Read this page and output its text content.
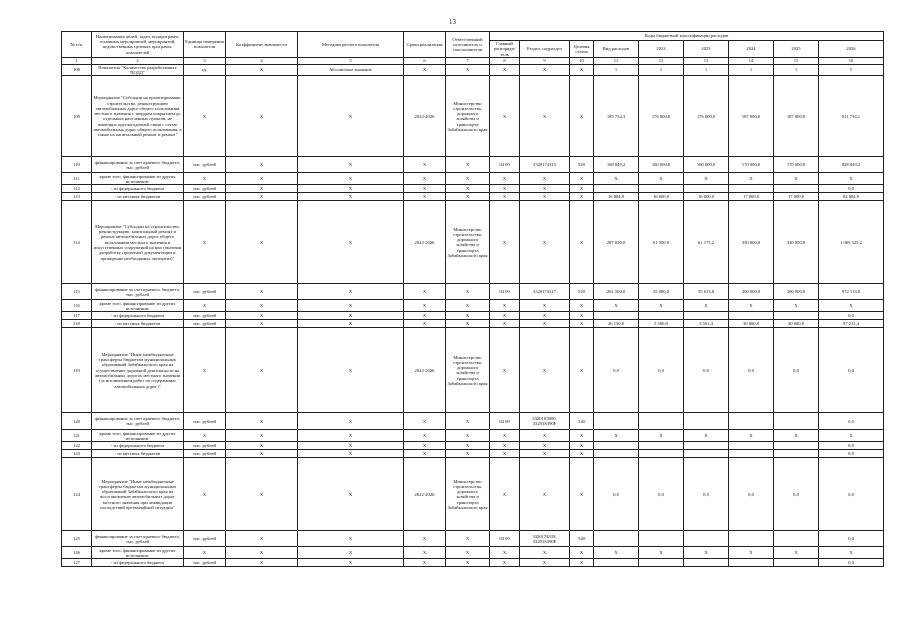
13
№ п/п	Наименования целей, задач, подпрограмм, основных мероприятий, мероприятий, ведомственных целевых программ, показателей	Единица измерения показателя	Коэффициент значимости	Методика расчета показателя	Сроки реализации	Ответственный исполнитель и соисполнители	Коды бюджетной классификации расходов									
							Главный распорядитель	Раздел, подраздел	Целевая статья	Вид расходов	2022	2023	2024	2025	2026	
1	2	3	4	5	6	7	8	9	10	11	12	13	14	15	16	
108	Показатель "Количество разработанных ПОДД"	ед.	X	Абсолютное значение	X	X	X	X	X	1	1	1	1	1	5	
109	Мероприятие "Субсидии на проектирование, строительство, реконструкцию автомобильных дорог общего пользования местного значения с твердым покрытием до отдельных населенных пунктов, не имеющих круглогодичной связи с сетью автомобильных дорог общего пользования, а также их капитальный ремонт и ремонт"	X	X	X	2022-2026	Министерство строительства, дорожного хозяйства и транспорта Забайкальского края	X	X	X	185 734,3	176 000,0	176 000,0	187 000,0	187 000,0	911 734,1	
110	финансирование за счет краевого бюджета, тыс. рублей	тыс. рублей	X	X	X	X	04 09	3320174315	520	168 849,2	160 000,0	160 000,0	170 000,0	170 000,0	828 849,2	
111	кроме того, финансирование из других источников:	X	X	X	X	X	X	X	X	X	X	X	X	X	X	
112	- из федерального бюджета	тыс. рублей	X	X	X	X	X	X	X						0,0	
113	- из местных бюджетов	тыс. рублей	X	X	X	X	X	X	X	16 884,9	16 000,0	16 000,0	17 000,0	17 000,0	82 884,9	
114	Мероприятие "Субсидии на строительство, реконструкцию, капитальный ремонт и ремонт автомобильных дорог общего пользования местного значения и искусственных сооружений на них (включая разработку проектной документации и проведение необходимых экспертиз)"	X	X	X	2022-2026	Министерство строительства, дорожного хозяйства и транспорта Забайкальского края	X	X	X	287 650,0	61 500,0	61 175,2	330 000,0	330 000,0	1 069 325,2	
115	финансирование за счет краевого бюджета, тыс. рублей	тыс. рублей	X	X	X	X	04 09	3320174317	520	261 500,0	55 000,0	55 613,8	300 000,0	300 000,0	972 113,8	
116	кроме того, финансирование из других источников:	X	X	X	X	X	X	X	X	X	X	X	X	X	X	
117	- из федерального бюджета	тыс. рублей	X	X	X	X	X	X	X						0,0	
118	- из местных бюджетов	тыс. рублей	X	X	X	X	X	X	X	26 150,0	5 500,0	5 561,4	30 000,0	30 000,0	97 211,4	
119	Мероприятие "Иные межбюджетные трансферты бюджетам муниципальных образований Забайкальского края на осуществление дорожной деятельности на автомобильных дорогах местного значения (за исключением работ по содержанию автомобильных дорог)"	X	X	X	2022-2026	Министерство строительства, дорожного хозяйства и транспорта Забайкальского края	X	X	X	0,0	0,0	0,0	0,0	0,0	0,0	
120	финансирование за счет краевого бюджета, тыс. рублей	тыс. рублей	X	X	X	X	04 09	33201S3900, 33201S390F	540						0,0	
121	кроме того, финансирование из других источников:	X	X	X	X	X	X	X	X	X	X	X	X	X	X	
122	- из федерального бюджета	тыс. рублей	X	X	X	X	X	X	X						0,0	
123	- из местных бюджетов	тыс. рублей	X	X	X	X	X	X	X						0,0	
124	Мероприятие "Иные межбюджетные трансферты бюджетам муниципальных образований Забайкальского края на восстановление автомобильных дорог местного значения при ликвидации последствий чрезвычайной ситуации"	X	X	X	2022-2026	Министерство строительства, дорожного хозяйства и транспорта Забайкальского края	X	X	X	0,0	0,0	0,0	0,0	0,0	0,0	
125	финансирование за счет краевого бюджета, тыс. рублей	тыс. рублей	X	X	X	X	04 09	3320174318, 33201S390F	540						0,0	
126	кроме того, финансирование из других источников:	X	X	X	X	X	X	X	X	X	X	X	X	X	X	
127	- из федерального бюджета	тыс. рублей	X	X	X	X	X	X	X						0,0	
